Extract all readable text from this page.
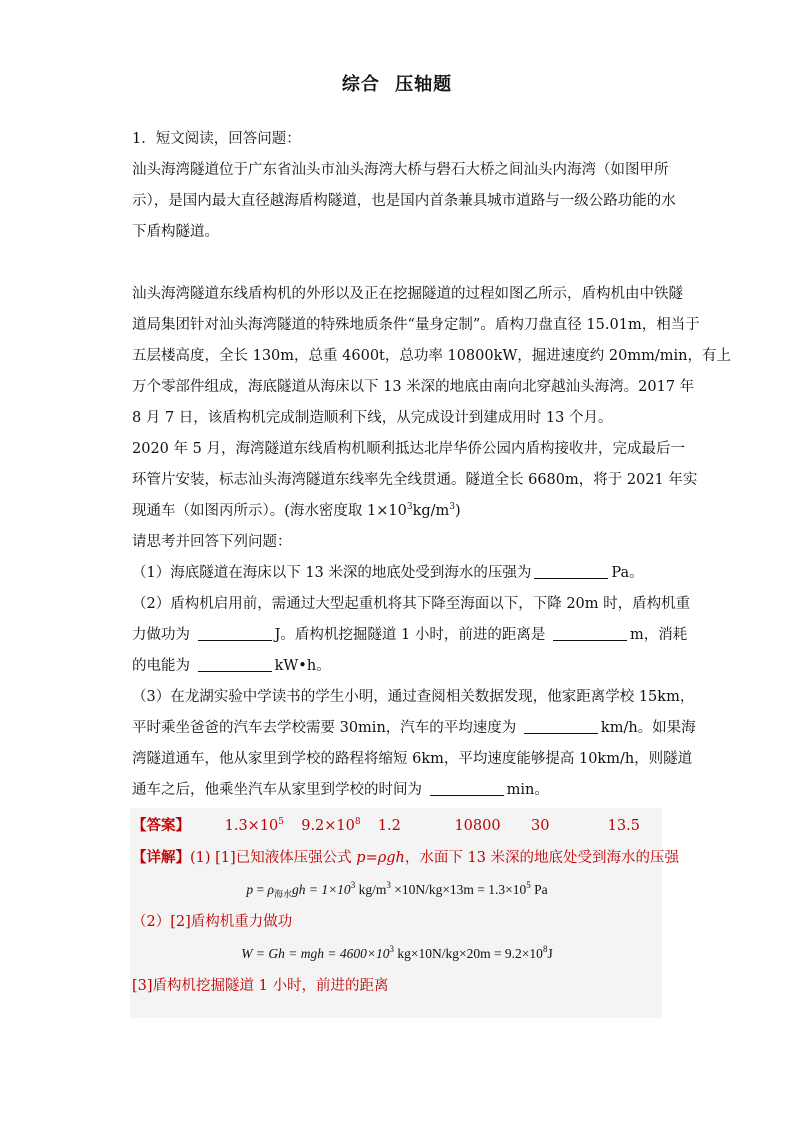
综合 压轴题
1．短文阅读，回答问题：
汕头海湾隧道位于广东省汕头市汕头海湾大桥与礐石大桥之间汕头内海湾（如图甲所
示），是国内最大直径越海盾构隧道，也是国内首条兼具城市道路与一级公路功能的水
下盾构隧道。
汕头海湾隧道东线盾构机的外形以及正在挖掘隧道的过程如图乙所示，盾构机由中铁隧
道局集团针对汕头海湾隧道的特殊地质条件“量身定制”。盾构刀盘直径 15.01m，相当于
五层楼高度，全长 130m，总重 4600t，总功率 10800kW，掘进速度约 20mm/min，有上
万个零部件组成，海底隧道从海床以下 13 米深的地底由南向北穿越汕头海湾。2017 年
8 月 7 日，该盾构机完成制造顺利下线，从完成设计到建成用时 13 个月。
2020 年 5 月，海湾隧道东线盾构机顺利抵达北岸华侨公园内盾构接收井，完成最后一
环管片安装，标志汕头海湾隧道东线率先全线贯通。隧道全长 6680m，将于 2021 年实
现通车（如图丙所示）。(海水密度取 $1\times 10^3kg/m^3$)
请思考并回答下列问题：
（1）海底隧道在海床以下 13 米深的地底处受到海水的压强为	Pa。
（2）盾构机启用前，需通过大型起重机将其下降至海面以下，下降 20m 时，盾构机重
力做功为	J。盾构机挖掘隧道 1 小时，前进的距离是	m，消耗
的电能为	kW•h。
（3）在龙湖实验中学读书的学生小明，通过查阅相关数据发现，他家距离学校 15km，
平时乘坐爸爸的汽车去学校需要 30min，汽车的平均速度为	km/h。如果海
湾隧道通车，他从家里到学校的路程将缩短 6km，平均速度能够提高 10km/h，则隧道
通车之后，他乘坐汽车从家里到学校的时间为	min。
【答案】 $1.3\times 10^5$ $9.2\times 10^8$ 1.2	10800 30	13.5
【详解】(1) [1]已知液体压强公式 p=ρgh，水面下 13 米深的地底处受到海水的压强
$p = \rho_{海水}gh = 1\times 10^3$ $kg/m^3 \times 10N/kg\times 13m = 1.3\times 10^5$ Pa
（2）[2]盾构机重力做功
W = Gh = mgh = $4600\times 10^3$ $kg\times 10N/kg\times 20m = 9.2\times 10^8J$
[3]盾构机挖掘隧道 1 小时，前进的距离
